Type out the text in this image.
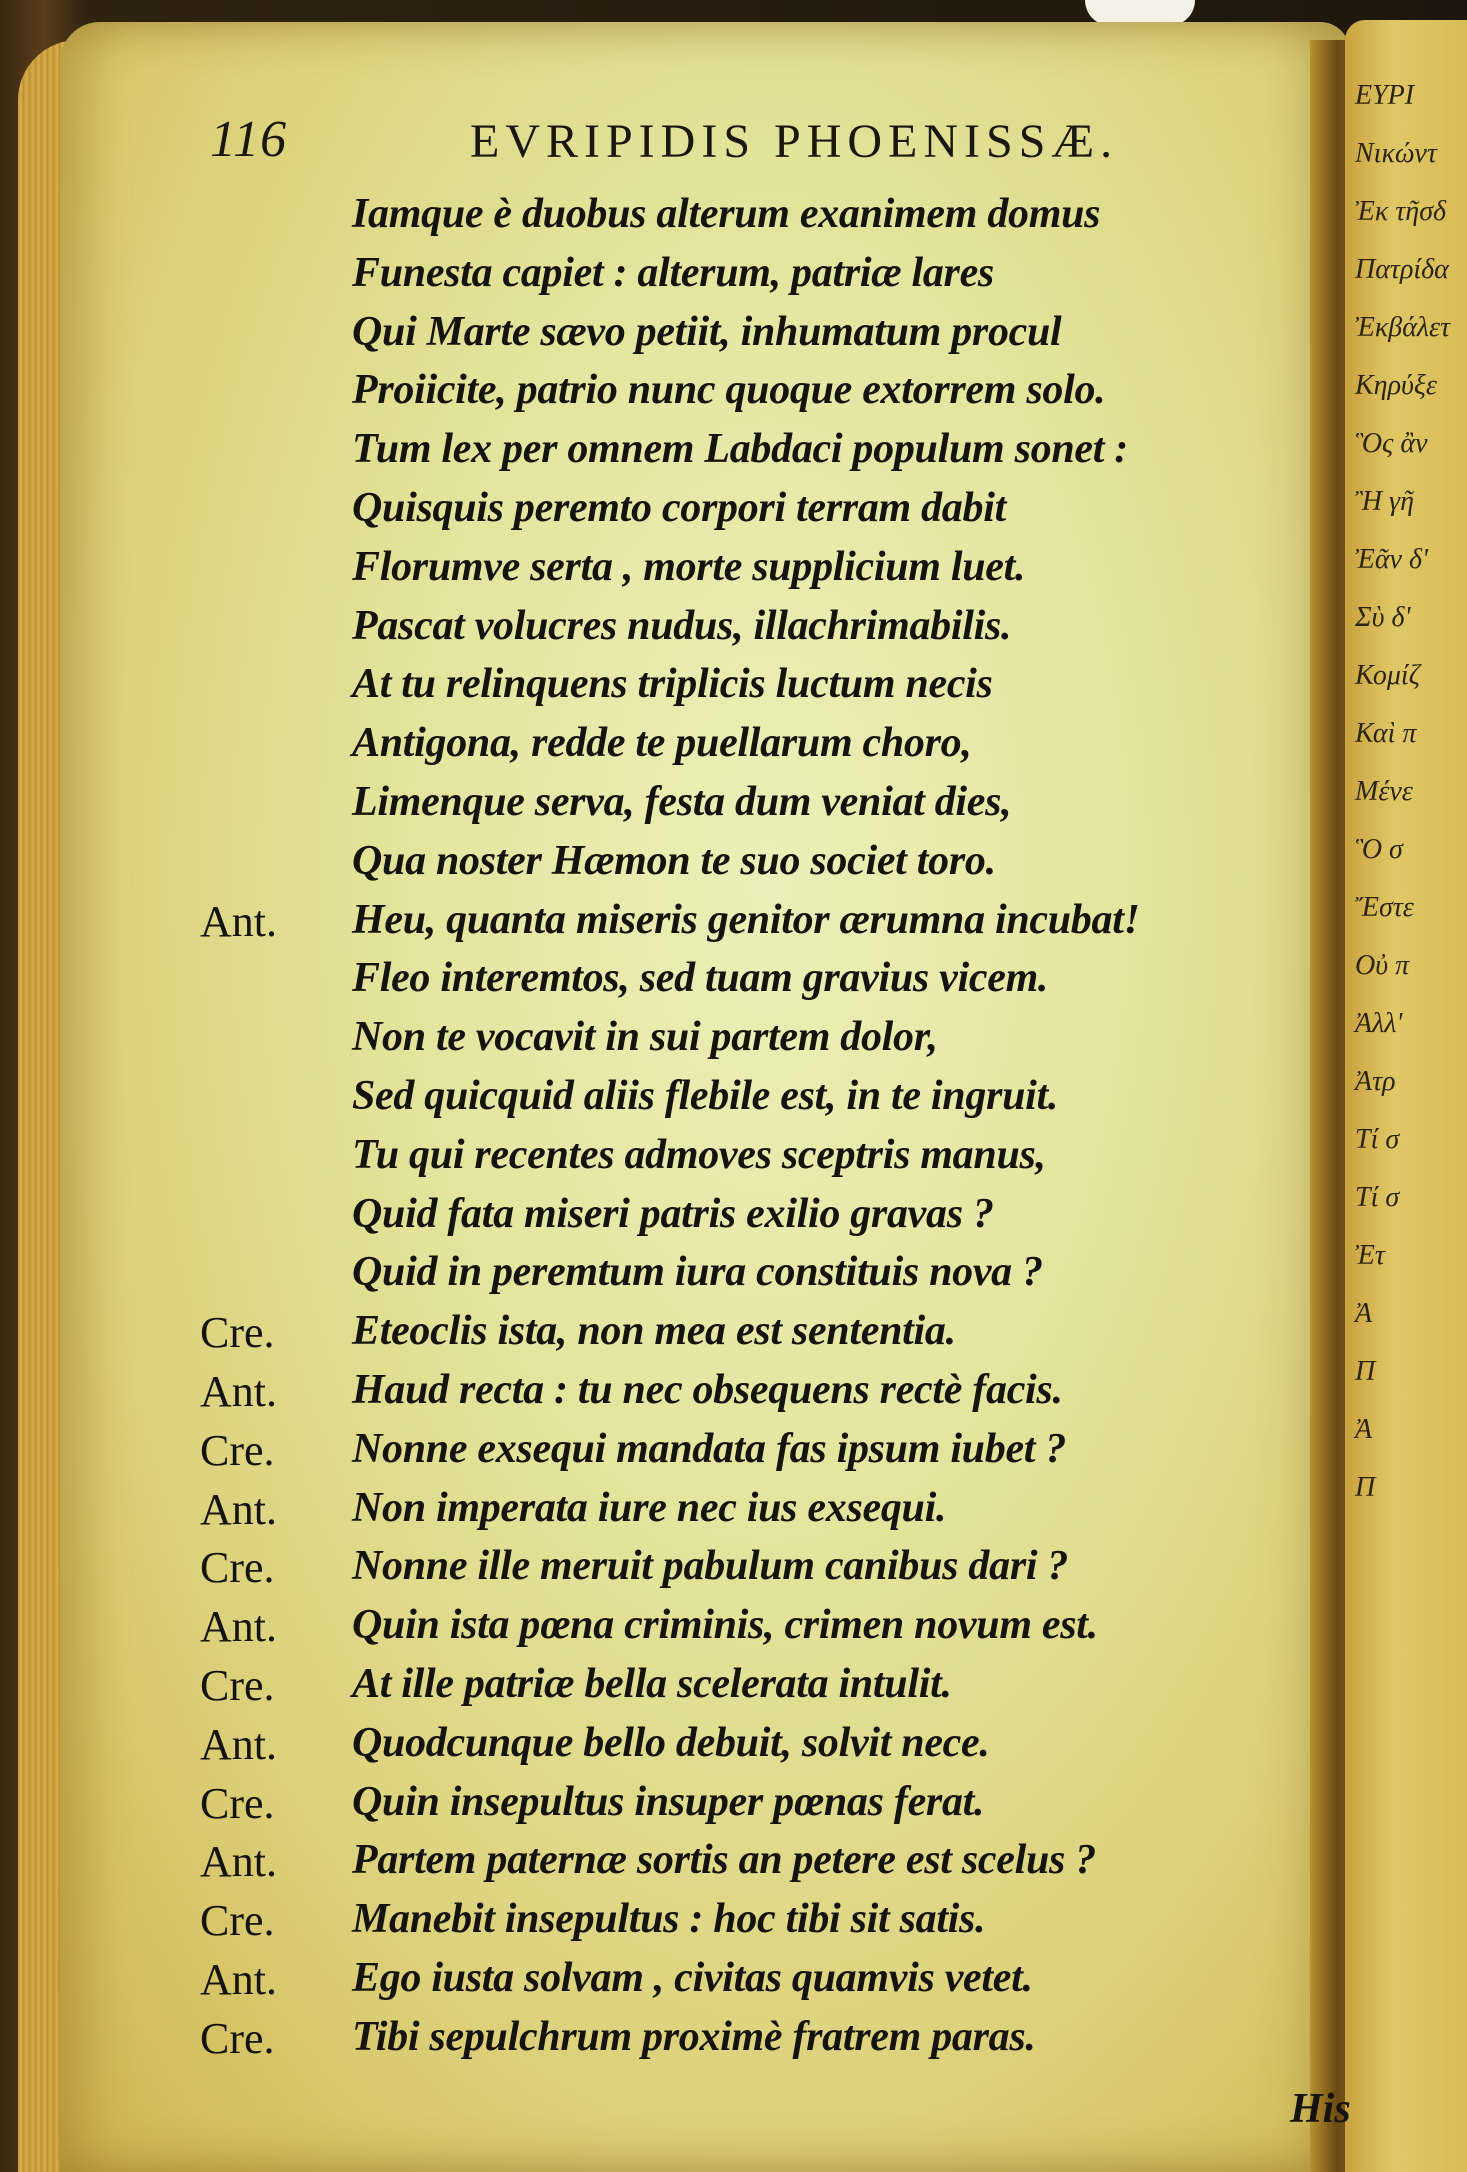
ΕΥΡΙ
Νικώντ
Ἐκ τῆσδ
Πατρίδα
Ἐκβάλετ
Κηρύξε
Ὃς ἂν
Ἢ γῆ
Ἐᾶν δ'
Σὺ δ'
Κομίζ
Καὶ π
Μένε
Ὃ σ
Ἔστε
Οὐ π
Ἀλλ'
Ἀτρ
Τί σ
Τί σ
Ἐτ
Ἀ
Π
Ἀ
Π
116	EVRIPIDIS PHOENISSÆ.
Iamque è duobus alterum exanimem domus
Funesta capiet : alterum, patriæ lares
Qui Marte sævo petiit, inhumatum procul
Proiicite, patrio nunc quoque extorrem solo.
Tum lex per omnem Labdaci populum sonet :
Quisquis peremto corpori terram dabit
Florumve serta , morte supplicium luet.
Pascat volucres nudus, illachrimabilis.
At tu relinquens triplicis luctum necis
Antigona, redde te puellarum choro,
Limenque serva, festa dum veniat dies,
Qua noster Hæmon te suo societ toro.
Ant.	Heu, quanta miseris genitor ærumna incubat!
Fleo interemtos, sed tuam gravius vicem.
Non te vocavit in sui partem dolor,
Sed quicquid aliis flebile est, in te ingruit.
Tu qui recentes admoves sceptris manus,
Quid fata miseri patris exilio gravas ?
Quid in peremtum iura constituis nova ?
Cre.	Eteoclis ista, non mea est sententia.
Ant.	Haud recta : tu nec obsequens rectè facis.
Cre.	Nonne exsequi mandata fas ipsum iubet ?
Ant.	Non imperata iure nec ius exsequi.
Cre.	Nonne ille meruit pabulum canibus dari ?
Ant.	Quin ista pœna criminis, crimen novum est.
Cre.	At ille patriæ bella scelerata intulit.
Ant.	Quodcunque bello debuit, solvit nece.
Cre.	Quin insepultus insuper pœnas ferat.
Ant.	Partem paternæ sortis an petere est scelus ?
Cre.	Manebit insepultus : hoc tibi sit satis.
Ant.	Ego iusta solvam , civitas quamvis vetet.
Cre.	Tibi sepulchrum proximè fratrem paras.
His
